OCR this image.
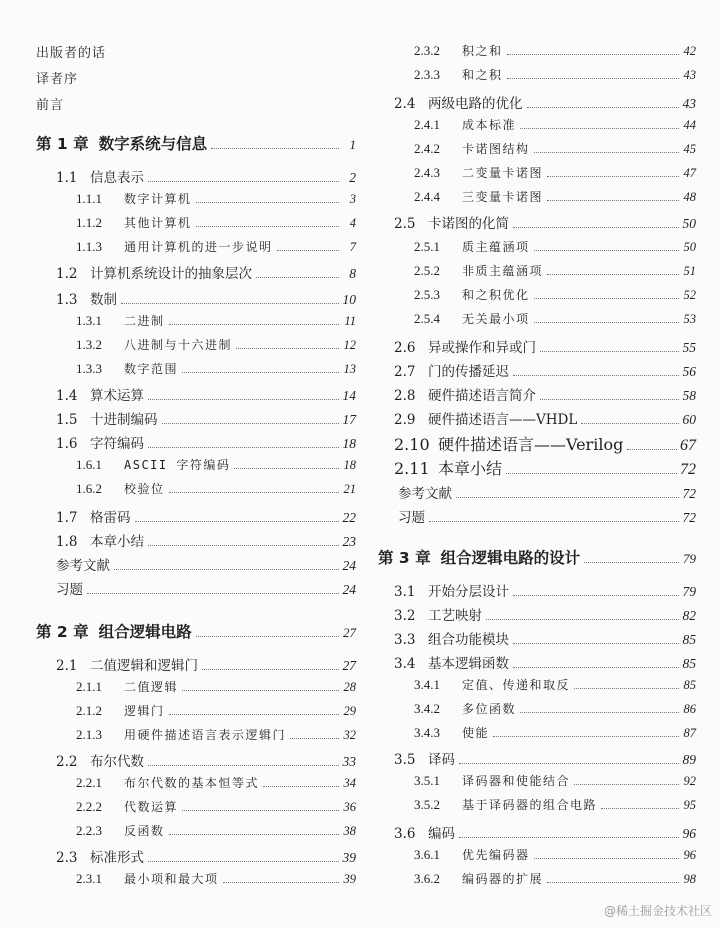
出版者的话
译者序
前言
第 1 章 数字系统与信息	1
1.1 信息表示	2
1.1.1	数字计算机	3
1.1.2	其他计算机	4
1.1.3	通用计算机的进一步说明	7
1.2 计算机系统设计的抽象层次	8
1.3 数制	10
1.3.1	二进制	11
1.3.2	八进制与十六进制	12
1.3.3	数字范围	13
1.4 算术运算	14
1.5 十进制编码	17
1.6 字符编码	18
1.6.1	ASCII 字符编码	18
1.6.2	校验位	21
1.7 格雷码	22
1.8 本章小结	23
参考文献	24
习题	24
第 2 章 组合逻辑电路	27
2.1 二值逻辑和逻辑门	27
2.1.1	二值逻辑	28
2.1.2	逻辑门	29
2.1.3	用硬件描述语言表示逻辑门	32
2.2 布尔代数	33
2.2.1	布尔代数的基本恒等式	34
2.2.2	代数运算	36
2.2.3	反函数	38
2.3 标准形式	39
2.3.1	最小项和最大项	39
2.3.2	积之和	42
2.3.3	和之积	43
2.4 两级电路的优化	43
2.4.1	成本标准	44
2.4.2	卡诺图结构	45
2.4.3	二变量卡诺图	47
2.4.4	三变量卡诺图	48
2.5 卡诺图的化简	50
2.5.1	质主蕴涵项	50
2.5.2	非质主蕴涵项	51
2.5.3	和之积优化	52
2.5.4	无关最小项	53
2.6 异或操作和异或门	55
2.7 门的传播延迟	56
2.8 硬件描述语言简介	58
2.9 硬件描述语言——VHDL	60
2.10 硬件描述语言——Verilog	67
2.11 本章小结	72
参考文献	72
习题	72
第 3 章 组合逻辑电路的设计	79
3.1 开始分层设计	79
3.2 工艺映射	82
3.3 组合功能模块	85
3.4 基本逻辑函数	85
3.4.1	定值、传递和取反	85
3.4.2	多位函数	86
3.4.3	使能	87
3.5 译码	89
3.5.1	译码器和使能结合	92
3.5.2	基于译码器的组合电路	95
3.6 编码	96
3.6.1	优先编码器	96
3.6.2	编码器的扩展	98
@稀土掘金技术社区
